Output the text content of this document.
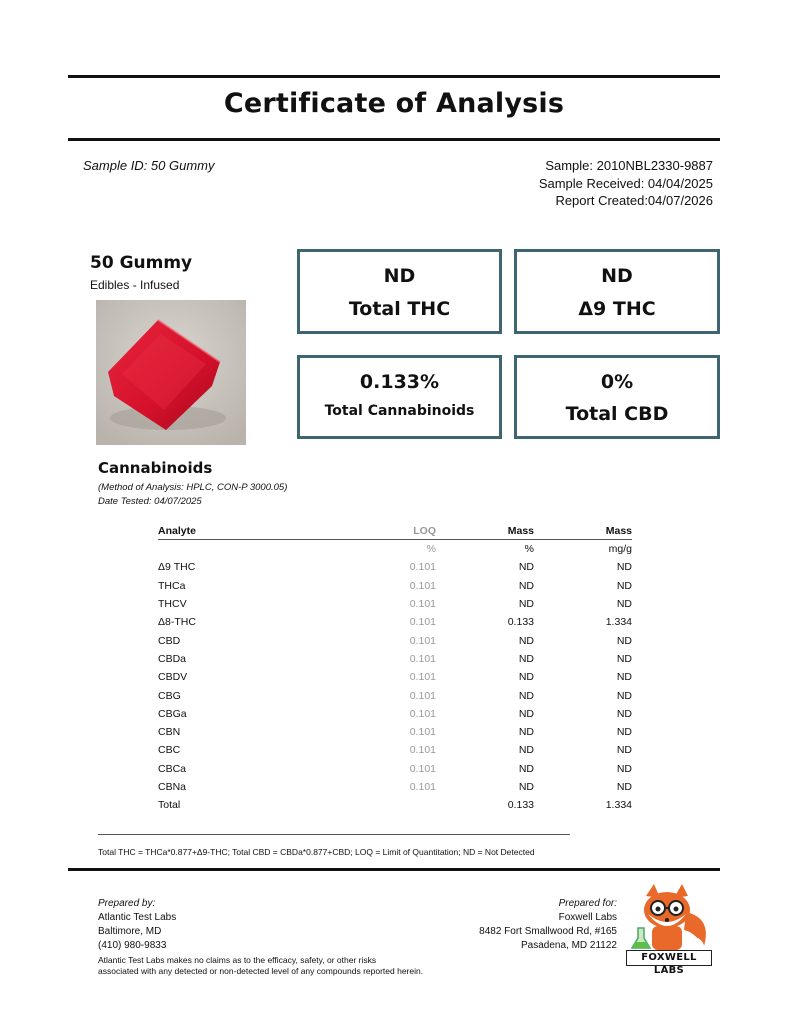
Certificate of Analysis
Sample ID: 50 Gummy	Sample: 2010NBL2330-9887
Sample Received: 04/04/2025
Report Created:04/07/2026
50 Gummy
Edibles - Infused	ND
Total THC
ND
Δ9 THC
0.133%
Total Cannabinoids
0%
Total CBD
Cannabinoids
(Method of Analysis: HPLC, CON-P 3000.05)
Date Tested: 04/07/2025
Analyte	LOQ	Mass	Mass
	%	%	mg/g
Δ9 THC	0.101	ND	ND
THCa	0.101	ND	ND
THCV	0.101	ND	ND
Δ8-THC	0.101	0.133	1.334
CBD	0.101	ND	ND
CBDa	0.101	ND	ND
CBDV	0.101	ND	ND
CBG	0.101	ND	ND
CBGa	0.101	ND	ND
CBN	0.101	ND	ND
CBC	0.101	ND	ND
CBCa	0.101	ND	ND
CBNa	0.101	ND	ND
Total		0.133	1.334
Total THC = THCa*0.877+Δ9-THC; Total CBD = CBDa*0.877+CBD; LOQ = Limit of Quantitation; ND = Not Detected
Prepared by:
Atlantic Test Labs
Baltimore, MD
(410) 980-9833
Atlantic Test Labs makes no claims as to the efficacy, safety, or other risks
associated with any detected or non-detected level of any compounds reported herein.
Prepared for:
Foxwell Labs
8482 Fort Smallwood Rd, #165
Pasadena, MD 21122
FOXWELL LABS
